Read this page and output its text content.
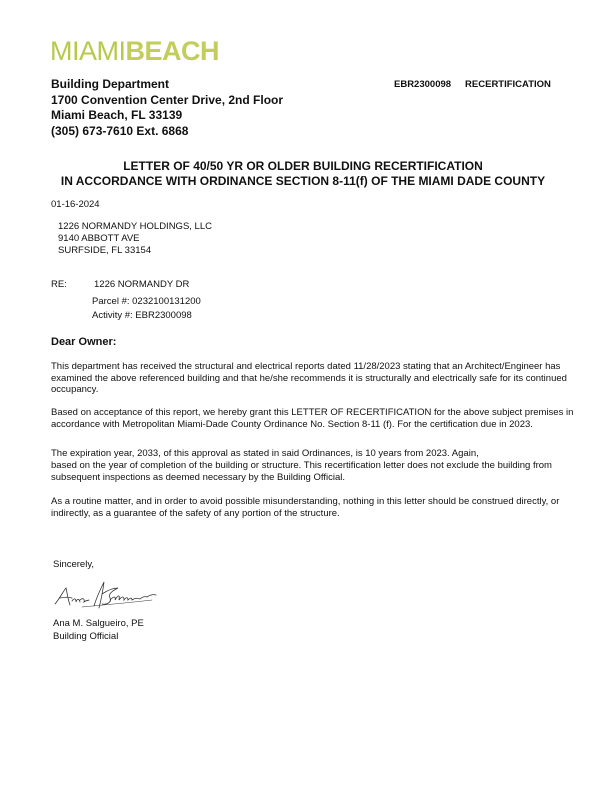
MIAMIBEACH
Building Department
1700 Convention Center Drive, 2nd Floor
Miami Beach, FL 33139
(305) 673-7610 Ext. 6868
EBR2300098 RECERTIFICATION
LETTER OF 40/50 YR OR OLDER BUILDING RECERTIFICATION
IN ACCORDANCE WITH ORDINANCE SECTION 8-11(f) OF THE MIAMI DADE COUNTY
01-16-2024
1226 NORMANDY HOLDINGS, LLC
9140 ABBOTT AVE
SURFSIDE, FL 33154
RE:	1226 NORMANDY DR
Parcel #: 0232100131200
Activity #: EBR2300098
Dear Owner:
This department has received the structural and electrical reports dated 11/28/2023 stating that an Architect/Engineer has examined the above referenced building and that he/she recommends it is structurally and electrically safe for its continued occupancy.
Based on acceptance of this report, we hereby grant this LETTER OF RECERTIFICATION for the above subject premises in accordance with Metropolitan Miami-Dade County Ordinance No. Section 8-11 (f). For the certification due in 2023.
The expiration year, 2033, of this approval as stated in said Ordinances, is 10 years from 2023. Again,
based on the year of completion of the building or structure. This recertification letter does not exclude the building from subsequent inspections as deemed necessary by the Building Official.
As a routine matter, and in order to avoid possible misunderstanding, nothing in this letter should be construed directly, or indirectly, as a guarantee of the safety of any portion of the structure.
Sincerely,
Ana M. Salgueiro, PE
Building Official
